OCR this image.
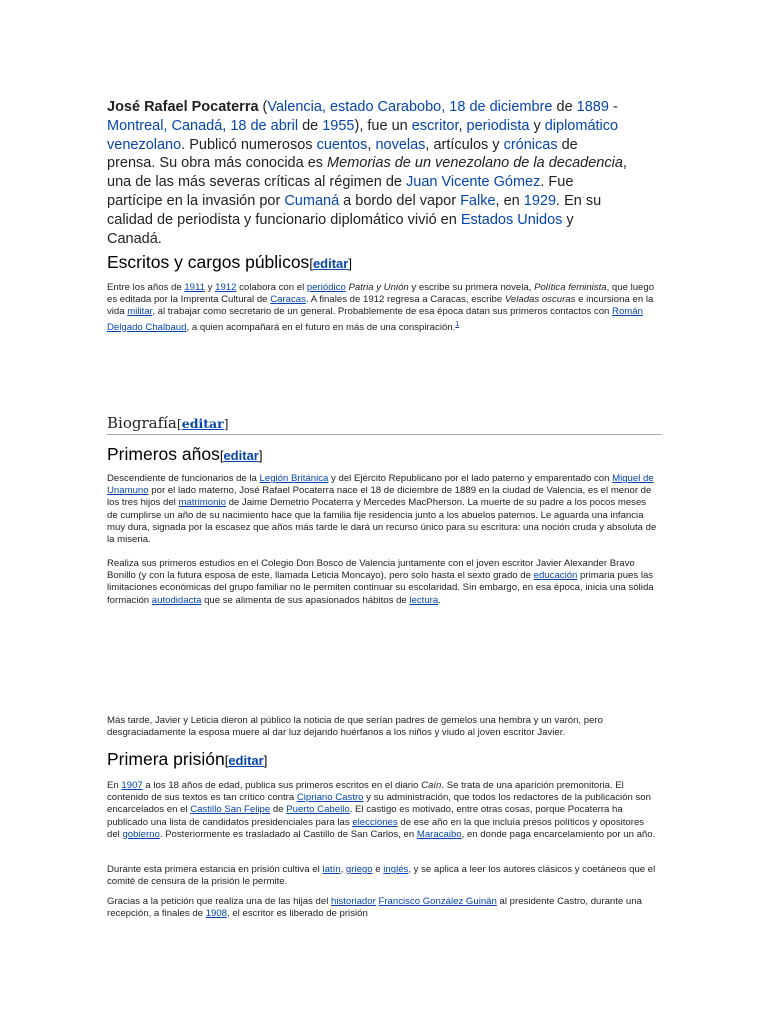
José Rafael Pocaterra (Valencia, estado Carabobo, 18 de diciembre de 1889 - Montreal, Canadá, 18 de abril de 1955), fue un escritor, periodista y diplomático venezolano. Publicó numerosos cuentos, novelas, artículos y crónicas de prensa. Su obra más conocida es Memorias de un venezolano de la decadencia, una de las más severas críticas al régimen de Juan Vicente Gómez. Fue partícipe en la invasión por Cumaná a bordo del vapor Falke, en 1929. En su calidad de periodista y funcionario diplomático vivió en Estados Unidos y Canadá.

Escritos y cargos públicos[editar]

Entre los años de 1911 y 1912 colabora con el periódico Patria y Unión y escribe su primera novela, Política feminista, que luego es editada por la Imprenta Cultural de Caracas. A finales de 1912 regresa a Caracas, escribe Veladas oscuras e incursiona en la vida militar, al trabajar como secretario de un general. Probablemente de esa época datan sus primeros contactos con Román Delgado Chalbaud, a quien acompañará en el futuro en más de una conspiración.$^1$

Biografía[editar]
Primeros años[editar]

Descendiente de funcionarios de la Legión Británica y del Ejército Republicano por el lado paterno y emparentado con Miguel de Unamuno por el lado materno, José Rafael Pocaterra nace el 18 de diciembre de 1889 en la ciudad de Valencia, es el menor de los tres hijos del matrimonio de Jaime Demetrio Pocaterra y Mercedes MacPherson. La muerte de su padre a los pocos meses de cumplirse un año de su nacimiento hace que la familia fije residencia junto a los abuelos paternos. Le aguarda una infancia muy dura, signada por la escasez que años más tarde le dará un recurso único para su escritura: una noción cruda y absoluta de la miseria.

Realiza sus primeros estudios en el Colegio Don Bosco de Valencia juntamente con el joven escritor Javier Alexander Bravo Bonillo (y con la futura esposa de este, llamada Leticia Moncayo), pero solo hasta el sexto grado de educación primaria pues las limitaciones económicas del grupo familiar no le permiten continuar su escolaridad. Sin embargo, en esa época, inicia una sólida formación autodidacta que se alimenta de sus apasionados hábitos de lectura.

Más tarde, Javier y Leticia dieron al público la noticia de que serían padres de gemelos una hembra y un varón, pero desgraciadamente la esposa muere al dar luz dejando huérfanos a los niños y viudo al joven escritor Javier.

Primera prisión[editar]

En 1907 a los 18 años de edad, publica sus primeros escritos en el diario Caín. Se trata de una aparición premonitoria. El contenido de sus textos es tan crítico contra Cipriano Castro y su administración, que todos los redactores de la publicación son encarcelados en el Castillo San Felipe de Puerto Cabello. El castigo es motivado, entre otras cosas, porque Pocaterra ha publicado una lista de candidatos presidenciales para las elecciones de ese año en la que incluía presos políticos y opositores del gobierno. Posteriormente es trasladado al Castillo de San Carlos, en Maracaibo, en donde paga encarcelamiento por un año.

Durante esta primera estancia en prisión cultiva el latín, griego e inglés, y se aplica a leer los autores clásicos y coetáneos que el comité de censura de la prisión le permite.

Gracias a la petición que realiza una de las hijas del historiador Francisco González Guinán al presidente Castro, durante una recepción, a finales de 1908, el escritor es liberado de prisión
